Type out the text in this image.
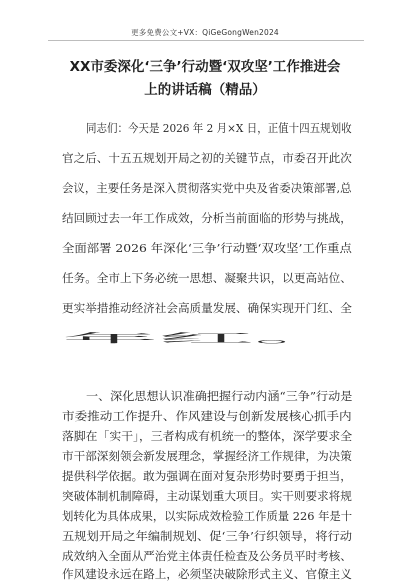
更多免费公文+VX：QiGeGongWen2024
XX市委深化‘三争’行动暨‘双攻坚’工作推进会
上的讲话稿（精品）
同志们：今天是 2026 年 2 月×X 日，正值十四五规划收
官之后、十五五规划开局之初的关键节点，市委召开此次
会议，主要任务是深入贯彻落实党中央及省委决策部署,总
结回顾过去一年工作成效，分析当前面临的形势与挑战，
全面部署 2026 年深化‘三争’行动暨‘双攻坚’工作重点
任务。全市上下务必统一思想、凝聚共识，以更高站位、
更实举措推动经济社会高质量发展、确保实现开门红、全
年红。
一、深化思想认识准确把握行动内涵“三争”行动是
市委推动工作提升、作风建设与创新发展核心抓手内
落脚在「实干」，三者构成有机统一的整体，深学要求全
市干部深刻领会新发展理念，掌握经济工作规律，为决策
提供科学依据。敢为强调在面对复杂形势时要勇于担当，
突破体制机制障碍，主动谋划重大项目。实干则要求将规
划转化为具体成果，以实际成效检验工作质量 226 年是十
五规划开局之年编制规划、促‘三争’行织领导，将行动
成效纳入全面从严治党主体责任检查及公务员平时考核、
作风建设永远在路上，必须坚决破除形式主义、官僚主义
